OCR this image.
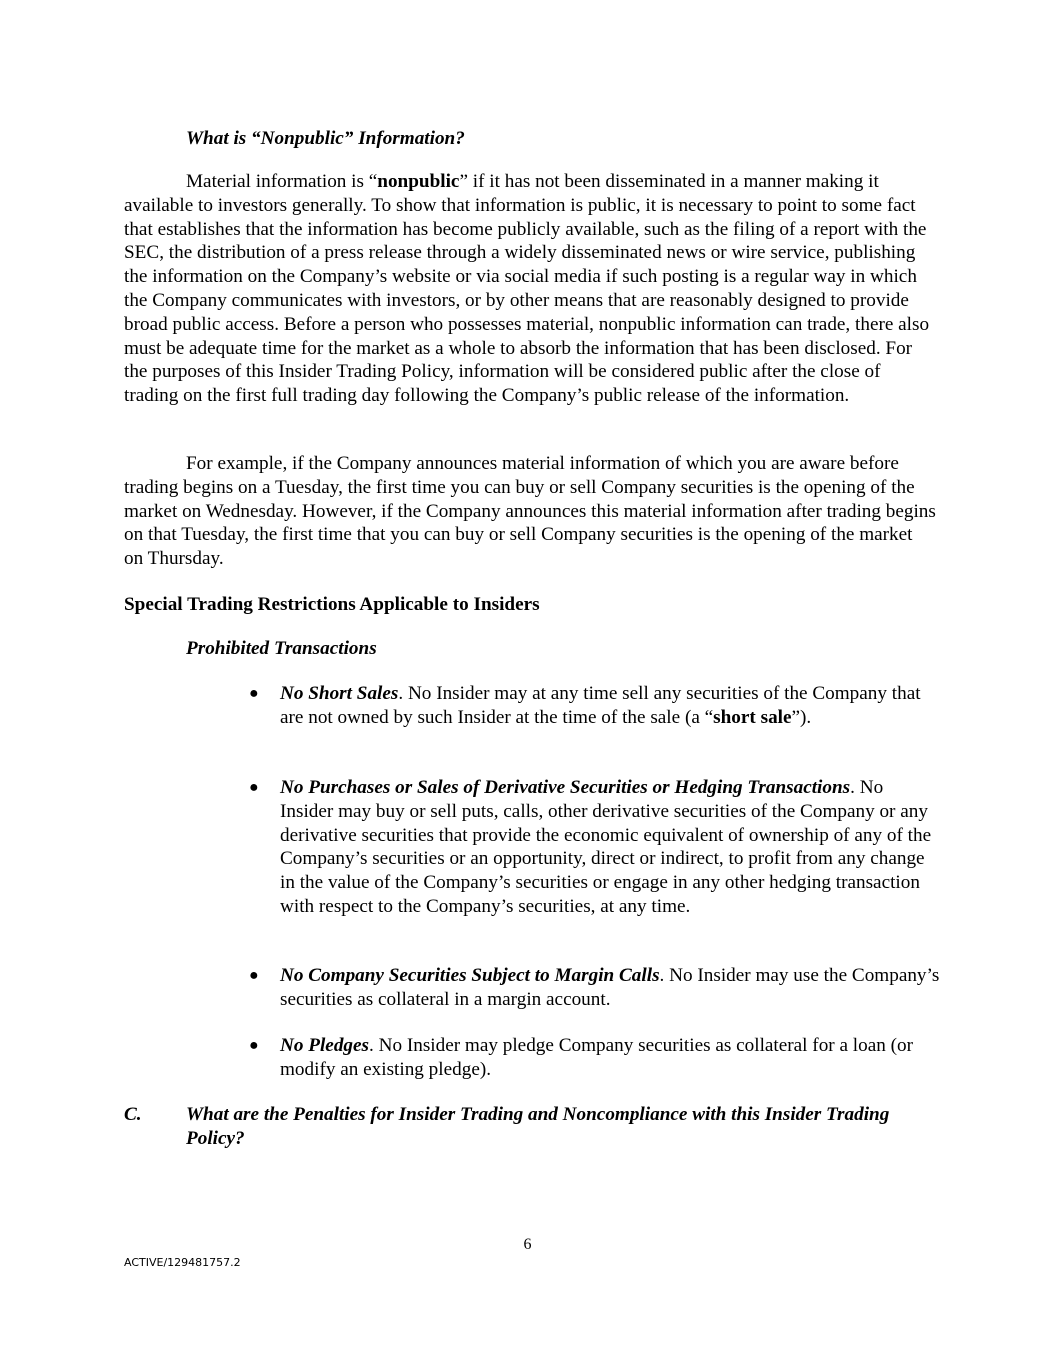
What is “Nonpublic” Information?
Material information is “nonpublic” if it has not been disseminated in a manner making it available to investors generally. To show that information is public, it is necessary to point to some fact that establishes that the information has become publicly available, such as the filing of a report with the SEC, the distribution of a press release through a widely disseminated news or wire service, publishing the information on the Company’s website or via social media if such posting is a regular way in which the Company communicates with investors, or by other means that are reasonably designed to provide broad public access. Before a person who possesses material, nonpublic information can trade, there also must be adequate time for the market as a whole to absorb the information that has been disclosed. For the purposes of this Insider Trading Policy, information will be considered public after the close of trading on the first full trading day following the Company’s public release of the information.
For example, if the Company announces material information of which you are aware before trading begins on a Tuesday, the first time you can buy or sell Company securities is the opening of the market on Wednesday. However, if the Company announces this material information after trading begins on that Tuesday, the first time that you can buy or sell Company securities is the opening of the market on Thursday.
Special Trading Restrictions Applicable to Insiders
Prohibited Transactions
● No Short Sales. No Insider may at any time sell any securities of the Company that are not owned by such Insider at the time of the sale (a “short sale”).
● No Purchases or Sales of Derivative Securities or Hedging Transactions. No Insider may buy or sell puts, calls, other derivative securities of the Company or any derivative securities that provide the economic equivalent of ownership of any of the Company’s securities or an opportunity, direct or indirect, to profit from any change in the value of the Company’s securities or engage in any other hedging transaction with respect to the Company’s securities, at any time.
● No Company Securities Subject to Margin Calls. No Insider may use the Company’s securities as collateral in a margin account.
● No Pledges. No Insider may pledge Company securities as collateral for a loan (or modify an existing pledge).
C. What are the Penalties for Insider Trading and Noncompliance with this Insider Trading Policy?
6
ACTIVE/129481757.2
